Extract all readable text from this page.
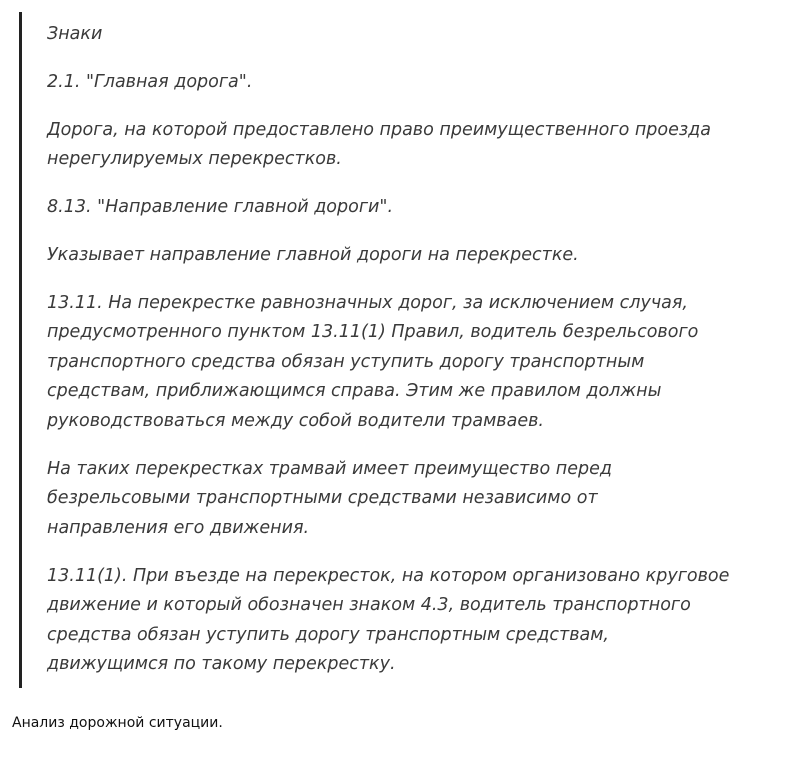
Знаки

2.1. "Главная дорога".

Дорога, на которой предоставлено право преимущественного проезда

нерегулируемых перекрестков.

8.13. "Направление главной дороги".

Указывает направление главной дороги на перекрестке.

13.11. На перекрестке равнозначных дорог, за исключением случая,

предусмотренного пунктом 13.11(1) Правил, водитель безрельсового

транспортного средства обязан уступить дорогу транспортным

средствам, приближающимся справа. Этим же правилом должны

руководствоваться между собой водители трамваев.

На таких перекрестках трамвай имеет преимущество перед

безрельсовыми транспортными средствами независимо от

направления его движения.

13.11(1). При въезде на перекресток, на котором организовано круговое

движение и который обозначен знаком 4.3, водитель транспортного

средства обязан уступить дорогу транспортным средствам,

движущимся по такому перекрестку.

Анализ дорожной ситуации.
